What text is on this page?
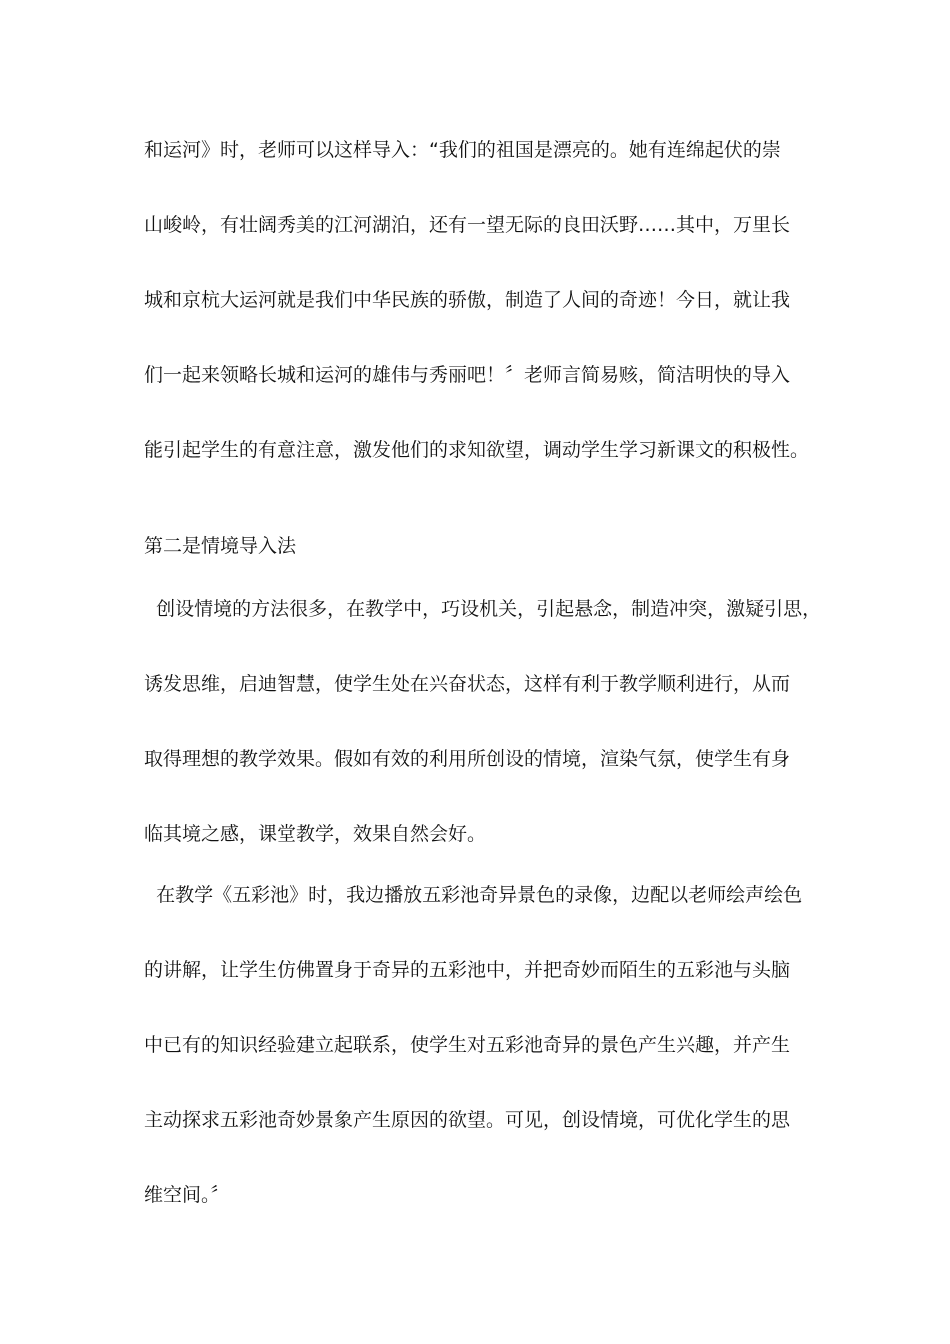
和运河》时，老师可以这样导入：“我们的祖国是漂亮的。她有连绵起伏的崇
山峻岭，有壮阔秀美的江河湖泊，还有一望无际的良田沃野……其中，万里长
城和京杭大运河就是我们中华民族的骄傲，制造了人间的奇迹！今日，就让我
们一起来领略长城和运河的雄伟与秀丽吧！〞老师言简易赅，简洁明快的导入
能引起学生的有意注意，激发他们的求知欲望，调动学生学习新课文的积极性。
第二是情境导入法
创设情境的方法很多，在教学中，巧设机关，引起悬念，制造冲突，激疑引思，
诱发思维，启迪智慧，使学生处在兴奋状态，这样有利于教学顺利进行，从而
取得理想的教学效果。假如有效的利用所创设的情境，渲染气氛，使学生有身
临其境之感，课堂教学，效果自然会好。
在教学《五彩池》时，我边播放五彩池奇异景色的录像，边配以老师绘声绘色
的讲解，让学生仿佛置身于奇异的五彩池中，并把奇妙而陌生的五彩池与头脑
中已有的知识经验建立起联系，使学生对五彩池奇异的景色产生兴趣，并产生
主动探求五彩池奇妙景象产生原因的欲望。可见，创设情境，可优化学生的思
维空间。〞
